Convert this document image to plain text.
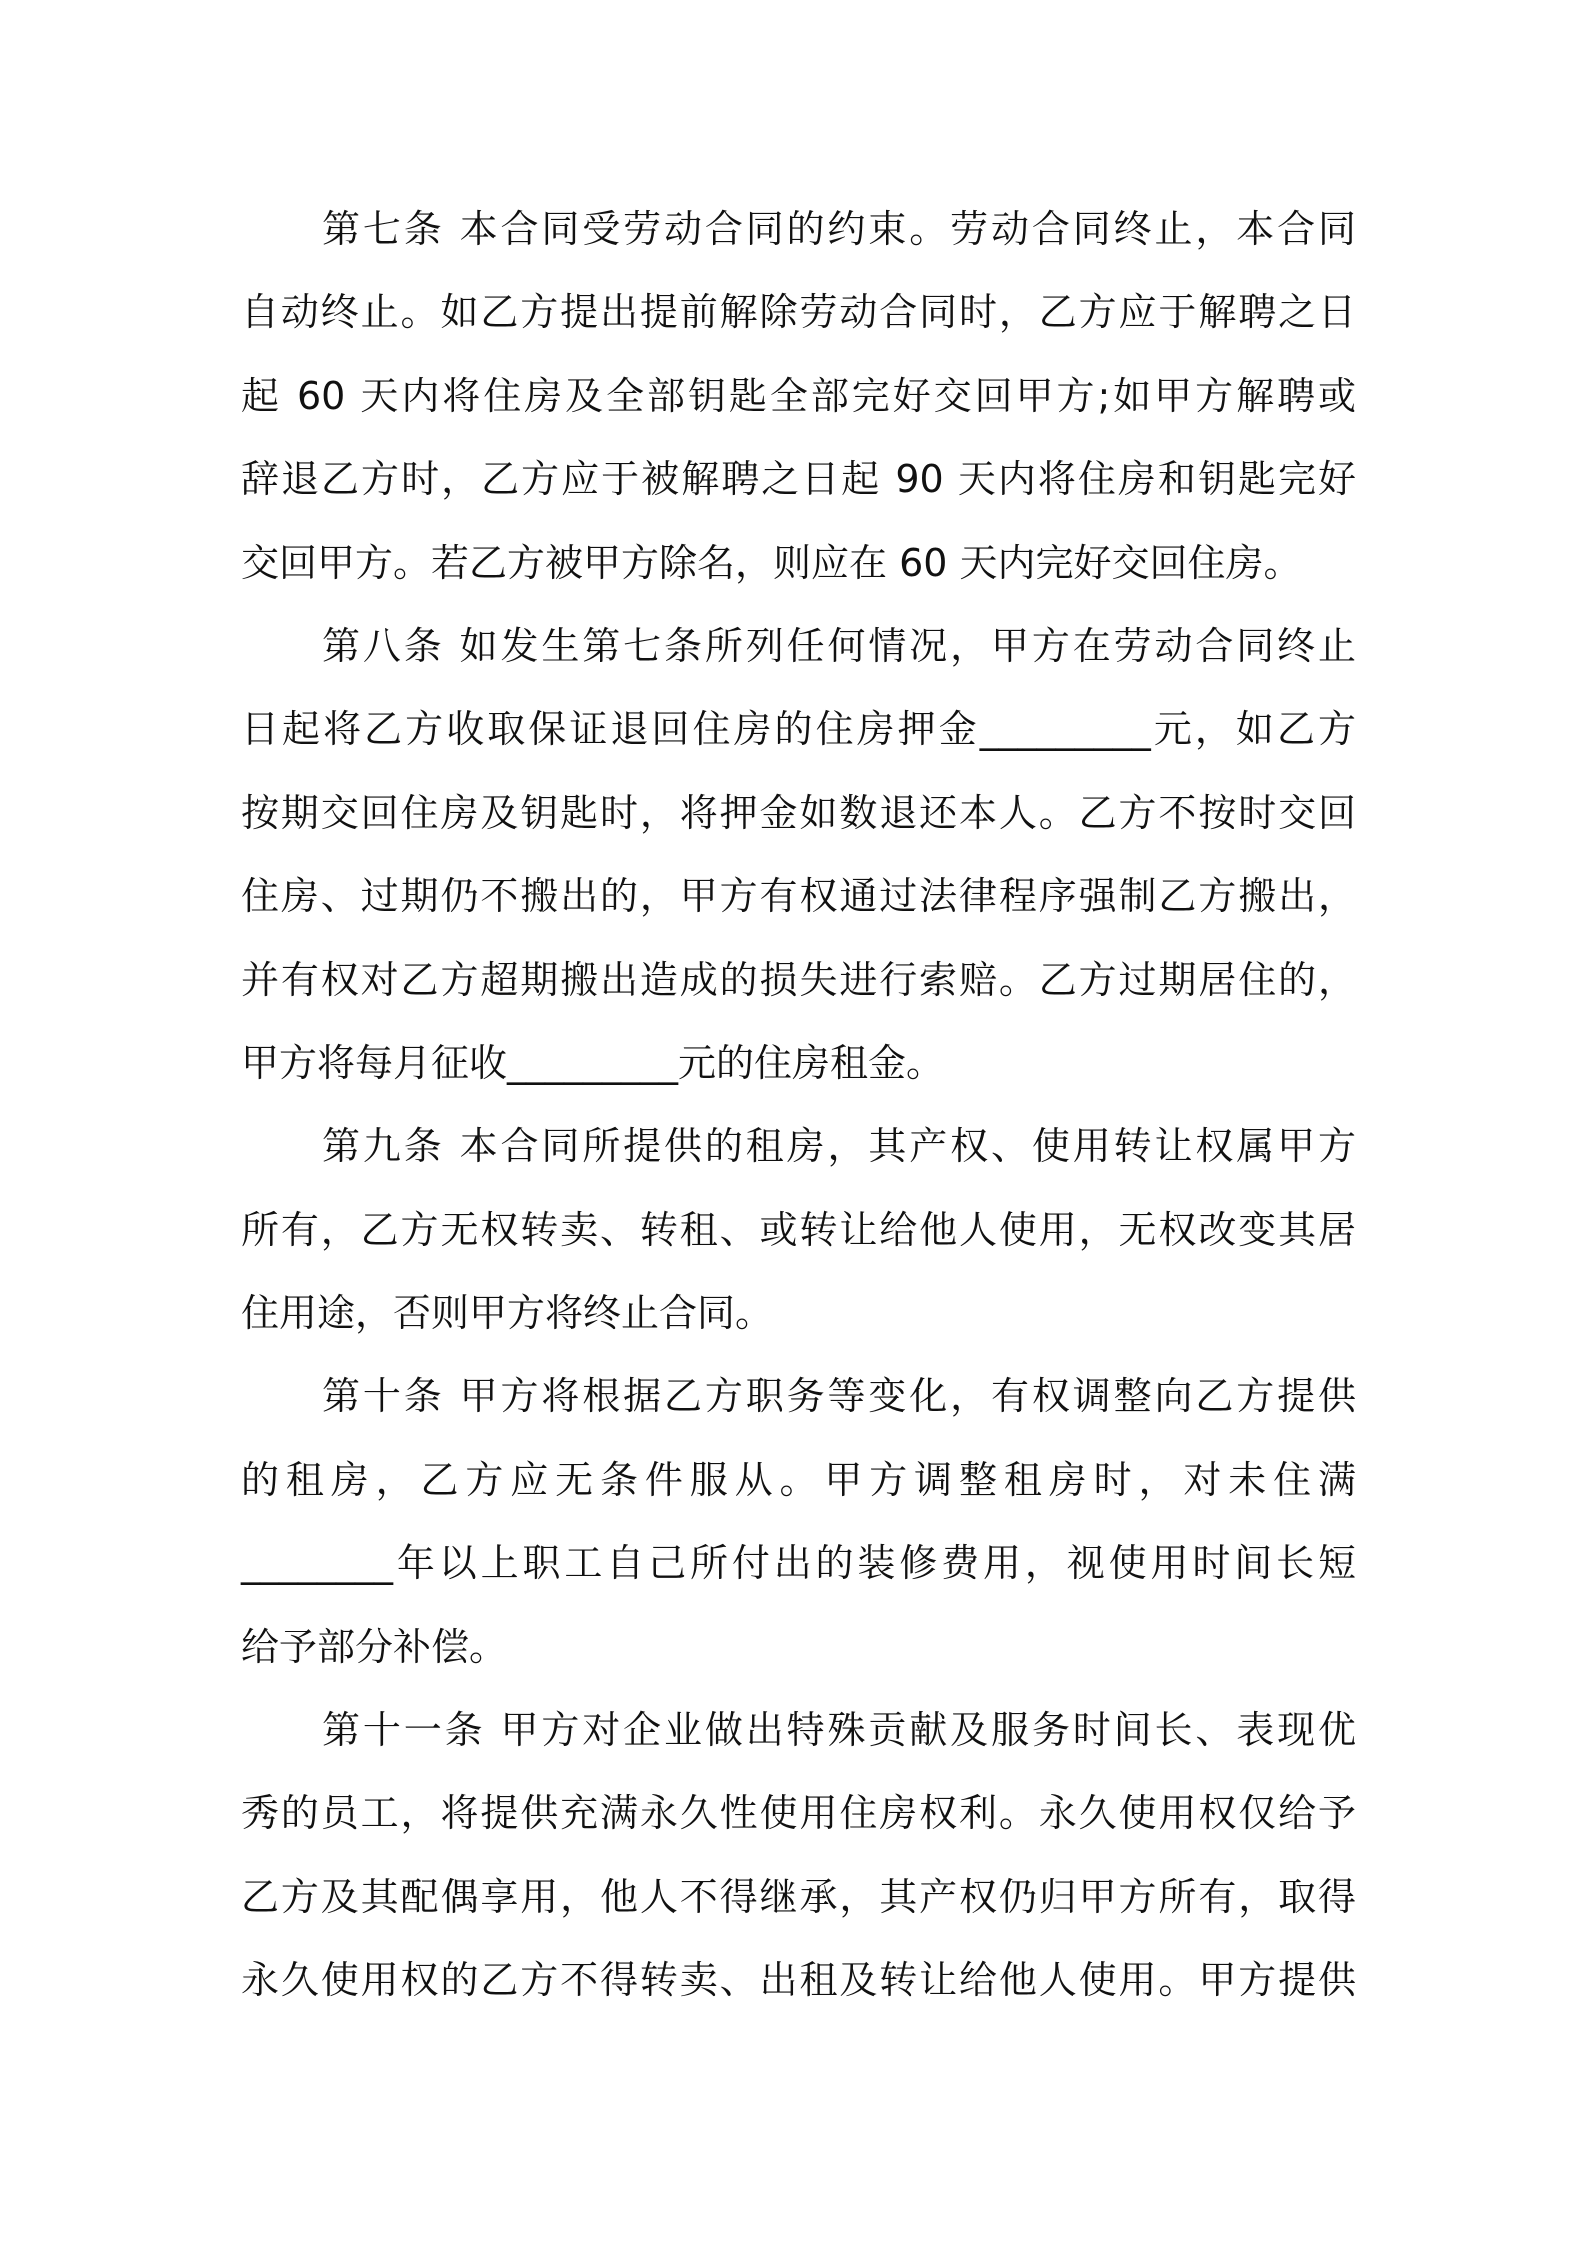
第七条 本合同受劳动合同的约束。劳动合同终止，本合同
自动终止。如乙方提出提前解除劳动合同时，乙方应于解聘之日
起 60 天内将住房及全部钥匙全部完好交回甲方;如甲方解聘或
辞退乙方时，乙方应于被解聘之日起 90 天内将住房和钥匙完好
交回甲方。若乙方被甲方除名，则应在 60 天内完好交回住房。
第八条 如发生第七条所列任何情况，甲方在劳动合同终止
日起将乙方收取保证退回住房的住房押金_________元，如乙方
按期交回住房及钥匙时，将押金如数退还本人。乙方不按时交回
住房、过期仍不搬出的，甲方有权通过法律程序强制乙方搬出，
并有权对乙方超期搬出造成的损失进行索赔。乙方过期居住的，
甲方将每月征收_________元的住房租金。
第九条 本合同所提供的租房，其产权、使用转让权属甲方
所有，乙方无权转卖、转租、或转让给他人使用，无权改变其居
住用途，否则甲方将终止合同。
第十条 甲方将根据乙方职务等变化，有权调整向乙方提供
的租房，乙方应无条件服从。甲方调整租房时，对未住满
________年以上职工自己所付出的装修费用，视使用时间长短
给予部分补偿。
第十一条 甲方对企业做出特殊贡献及服务时间长、表现优
秀的员工，将提供充满永久性使用住房权利。永久使用权仅给予
乙方及其配偶享用，他人不得继承，其产权仍归甲方所有，取得
永久使用权的乙方不得转卖、出租及转让给他人使用。甲方提供
